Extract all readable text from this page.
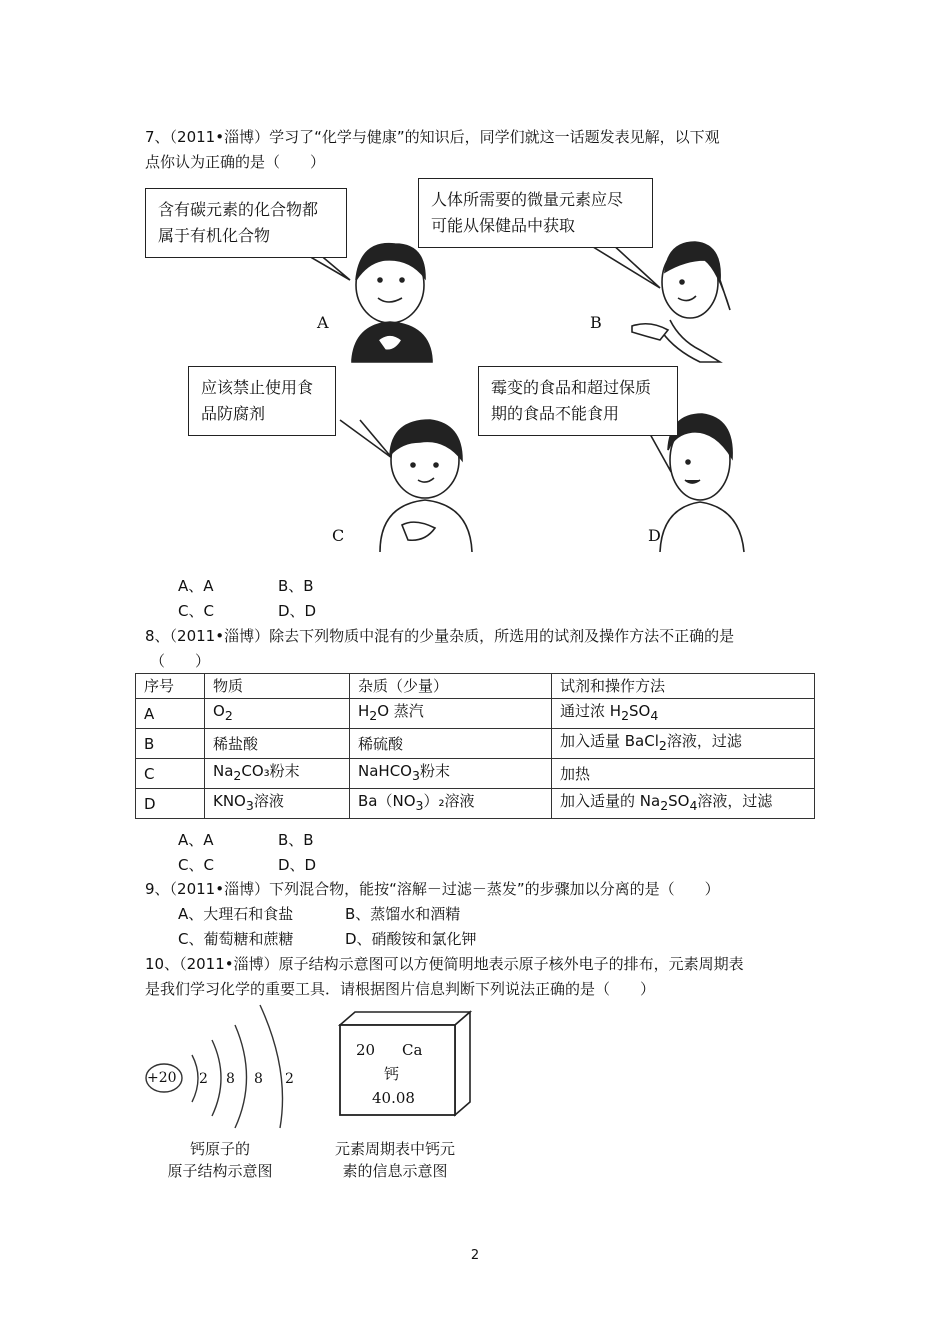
7、（2011•淄博）学习了“化学与健康”的知识后，同学们就这一话题发表见解，以下观
点你认为正确的是（　　）
含有碳元素的化合物都
属于有机化合物
人体所需要的微量元素应尽
可能从保健品中获取
应该禁止使用食
品防腐剂
霉变的食品和超过保质
期的食品不能食用
A	B
C	D
A、A	B、B
C、C	D、D
8、（2011•淄博）除去下列物质中混有的少量杂质，所选用的试剂及操作方法不正确的是
（　　）
序号	物质	杂质（少量）	试剂和操作方法
A	$O_2$	$H_2O$ 蒸汽	通过浓 $H_2SO_4$
B	稀盐酸	稀硫酸	加入适量 BaCl$_2$溶液，过滤
C	$Na_2CO_3$粉末	NaHCO$_3$粉末	加热
D	$KNO_3$溶液	$Ba(NO_3)_2$溶液	加入适量的 $Na_2SO_4$溶液，过滤
A、A	B、B
C、C	D、D
9、（2011•淄博）下列混合物，能按“溶解－过滤－蒸发”的步骤加以分离的是（　　）
A、大理石和食盐	B、蒸馏水和酒精
C、葡萄糖和蔗糖	D、硝酸铵和氯化钾
10、（2011•淄博）原子结构示意图可以方便简明地表示原子核外电子的排布，元素周期表
是我们学习化学的重要工具．请根据图片信息判断下列说法正确的是（　　）
+20 2 8 8 2
钙原子的
原子结构示意图
20 Ca
钙
40.08
元素周期表中钙元
素的信息示意图
2
